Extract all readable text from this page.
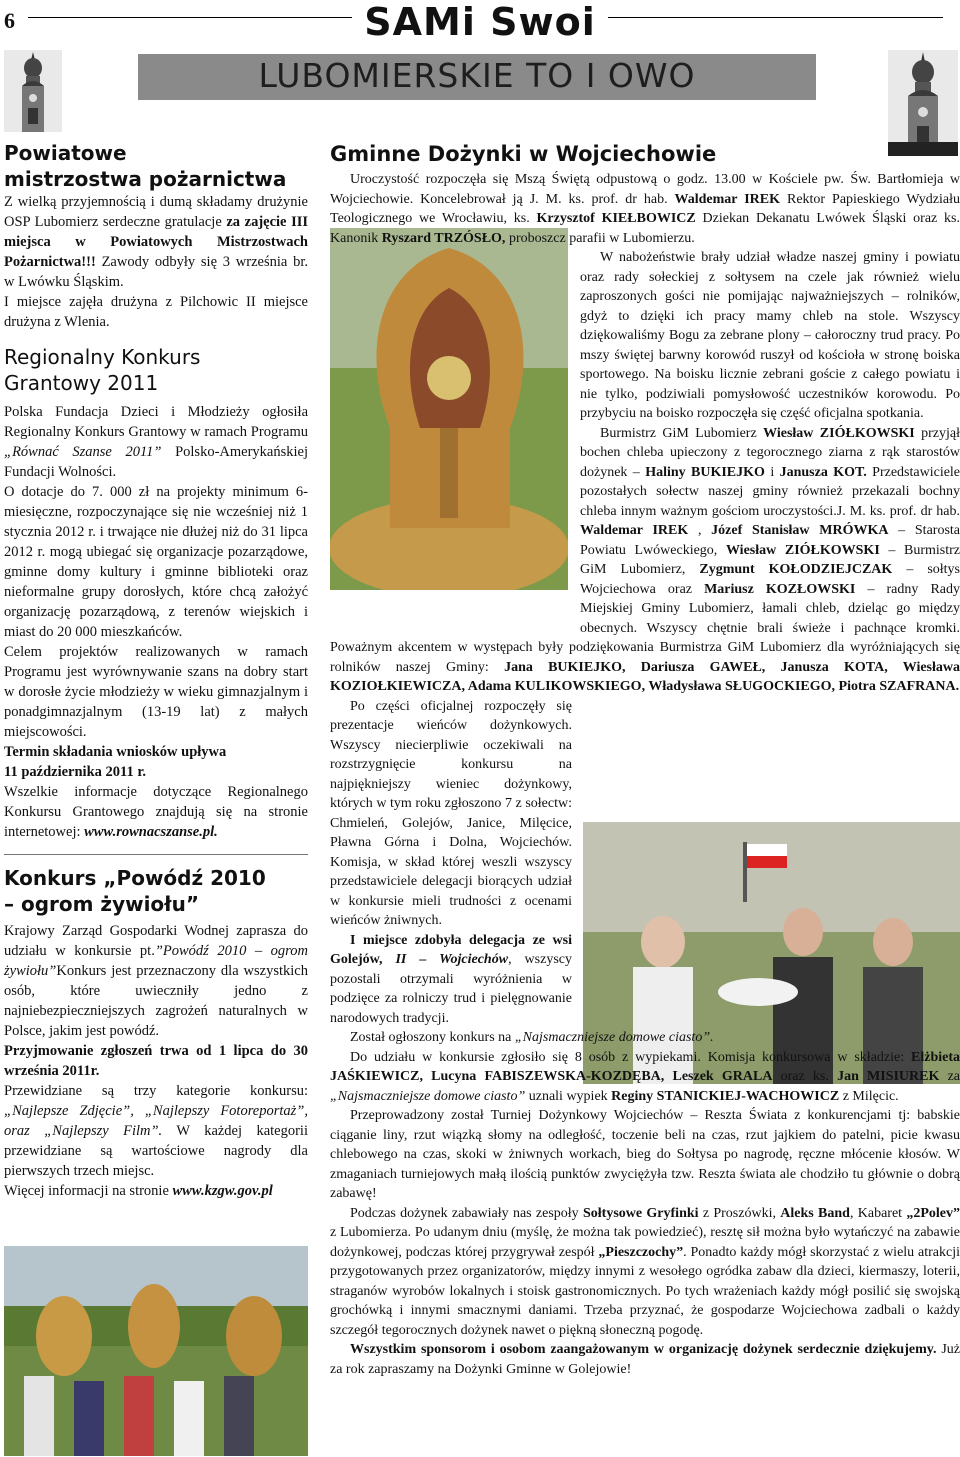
6	SAMi Swoi
LUBOMIERSKIE TO I OWO
Powiatowe
mistrzostwa pożarnictwa

Z wielką przyjemnością i dumą składamy drużynie OSP Lubomierz serdeczne gratulacje za zajęcie III miejsca w Powiatowych Mistrzostwach Pożarnictwa!!! Zawody odbyły się 3 września br. w Lwówku Śląskim.

I miejsce zajęła drużyna z Pilchowic II miejsce drużyna z Wlenia.

Regionalny Konkurs
Grantowy 2011

Polska Fundacja Dzieci i Młodzieży ogłosiła Regionalny Konkurs Grantowy w ramach Programu „Równać Szanse 2011” Polsko-Amerykańskiej Fundacji Wolności.

O dotacje do 7. 000 zł na projekty minimum 6-miesięczne, rozpoczynające się nie wcześniej niż 1 stycznia 2012 r. i trwające nie dłużej niż do 31 lipca 2012 r. mogą ubiegać się organizacje pozarządowe, gminne domy kultury i gminne biblioteki oraz nieformalne grupy dorosłych, które chcą założyć organizację pozarządową, z terenów wiejskich i miast do 20 000 mieszkańców.

Celem projektów realizowanych w ramach Programu jest wyrównywanie szans na dobry start w dorosłe życie młodzieży w wieku gimnazjalnym i ponadgimnazjalnym (13-19 lat) z małych miejscowości.

Termin składania wniosków upływa
11 października 2011 r.

Wszelkie informacje dotyczące Regionalnego Konkursu Grantowego znajdują się na stronie internetowej: www.rownacszanse.pl.

Konkurs „Powódź 2010
– ogrom żywiołu”

Krajowy Zarząd Gospodarki Wodnej zaprasza do udziału w konkursie pt.”Powódź 2010 – ogrom żywiołu”Konkurs jest przeznaczony dla wszystkich osób, które uwieczniły jedno z najniebezpieczniejszych zagrożeń naturalnych w Polsce, jakim jest powódź.

Przyjmowanie zgłoszeń trwa od 1 lipca do 30 września 2011r.

Przewidziane są trzy kategorie konkursu: „Najlepsze Zdjęcie”, „Najlepszy Fotoreportaż”, oraz „Najlepszy Film”. W każdej kategorii przewidziane są wartościowe nagrody dla pierwszych trzech miejsc.

Więcej informacji na stronie www.kzgw.gov.pl

Gminne Dożynki w Wojciechowie

Uroczystość rozpoczęła się Mszą Świętą odpustową o godz. 13.00 w Kościele pw. Św. Bartłomieja w Wojciechowie. Koncelebrował ją J. M. ks. prof. dr hab. Waldemar IREK Rektor Papieskiego Wydziału Teologicznego we Wrocławiu, ks. Krzysztof KIEŁBOWICZ Dziekan Dekanatu Lwówek Śląski oraz ks. Kanonik Ryszard TRZÓSŁO, proboszcz parafii w Lubomierzu.

W nabożeństwie brały udział władze naszej gminy i powiatu oraz rady sołeckiej z sołtysem na czele jak również wielu zaproszonych gości nie pomijając najważniejszych – rolników, gdyż to dzięki ich pracy mamy chleb na stole. Wszyscy dziękowaliśmy Bogu za zebrane plony – całoroczny trud pracy. Po mszy świętej barwny korowód ruszył od kościoła w stronę boiska sportowego. Na boisku licznie zebrani goście z całego powiatu i nie tylko, podziwiali pomysłowość uczestników korowodu. Po przybyciu na boisko rozpoczęła się część oficjalna spotkania.

Burmistrz GiM Lubomierz Wiesław ZIÓŁKOWSKI przyjął bochen chleba upieczony z tegorocznego ziarna z rąk starostów dożynek – Haliny BUKIEJKO i Janusza KOT. Przedstawiciele pozostałych sołectw naszej gminy również przekazali bochny chleba innym ważnym gościom uroczystości.J. M. ks. prof. dr hab. Waldemar IREK , Józef Stanisław MRÓWKA – Starosta Powiatu Lwóweckiego, Wiesław ZIÓŁKOWSKI – Burmistrz GiM Lubomierz, Zygmunt KOŁODZIEJCZAK – sołtys Wojciechowa oraz Mariusz KOZŁOWSKI – radny Rady Miejskiej Gminy Lubomierz, łamali chleb, dzieląc go między obecnych. Wszyscy chętnie brali świeże i pachnące kromki. Poważnym akcentem w występach były podziękowania Burmistrza GiM Lubomierz dla wyróżniających się rolników naszej Gminy: Jana BUKIEJKO, Dariusza GAWEŁ, Janusza KOTA, Wiesława KOZIOŁKIEWICZA, Adama KULIKOWSKIEGO, Władysława SŁUGOCKIEGO, Piotra SZAFRANA.

Po części oficjalnej rozpoczęły się prezentacje wieńców dożynkowych. Wszyscy niecierpliwie oczekiwali na rozstrzygnięcie konkursu na najpiękniejszy wieniec dożynkowy, których w tym roku zgłoszono 7 z sołectw: Chmieleń, Golejów, Janice, Milęcice, Pławna Górna i Dolna, Wojciechów. Komisja, w skład której weszli wszyscy przedstawiciele delegacji biorących udział w konkursie mieli trudności z ocenami wieńców żniwnych.

I miejsce zdobyła delegacja ze wsi Golejów, II – Wojciechów, wszyscy pozostali otrzymali wyróżnienia w podzięce za rolniczy trud i pielęgnowanie narodowych tradycji.

Został ogłoszony konkurs na „Najsmaczniejsze domowe ciasto”.

Do udziału w konkursie zgłosiło się 8 osób z wypiekami. Komisja konkursowa w składzie: Elżbieta JAŚKIEWICZ, Lucyna FABISZEWSKA-KOZDĘBA, Leszek GRALA oraz ks. Jan MISIUREK za „Najsmaczniejsze domowe ciasto” uznali wypiek Reginy STANICKIEJ-WACHOWICZ z Milęcic.

Przeprowadzony został Turniej Dożynkowy Wojciechów – Reszta Świata z konkurencjami tj: babskie ciąganie liny, rzut wiązką słomy na odległość, toczenie beli na czas, rzut jajkiem do patelni, picie kwasu chlebowego na czas, skoki w żniwnych workach, bieg do Sołtysa po nagrodę, ręczne młócenie kłosów. W zmaganiach turniejowych małą ilością punktów zwyciężyła tzw. Reszta świata ale chodziło tu głównie o dobrą zabawę!

Podczas dożynek zabawiały nas zespoły Sołtysowe Gryfinki z Proszówki, Aleks Band, Kabaret „2Polev” z Lubomierza. Po udanym dniu (myślę, że można tak powiedzieć), resztę sił można było wytańczyć na zabawie dożynkowej, podczas której przygrywał zespół „Pieszczochy”. Ponadto każdy mógł skorzystać z wielu atrakcji przygotowanych przez organizatorów, między innymi z wesołego ogródka zabaw dla dzieci, kiermaszy, loterii, straganów wyrobów lokalnych i stoisk gastronomicznych. Po tych wrażeniach każdy mógł posilić się swojską grochówką i innymi smacznymi daniami. Trzeba przyznać, że gospodarze Wojciechowa zadbali o każdy szczegół tegorocznych dożynek nawet o piękną słoneczną pogodę.

Wszystkim sponsorom i osobom zaangażowanym w organizację dożynek serdecznie dziękujemy. Już za rok zapraszamy na Dożynki Gminne w Golejowie!
